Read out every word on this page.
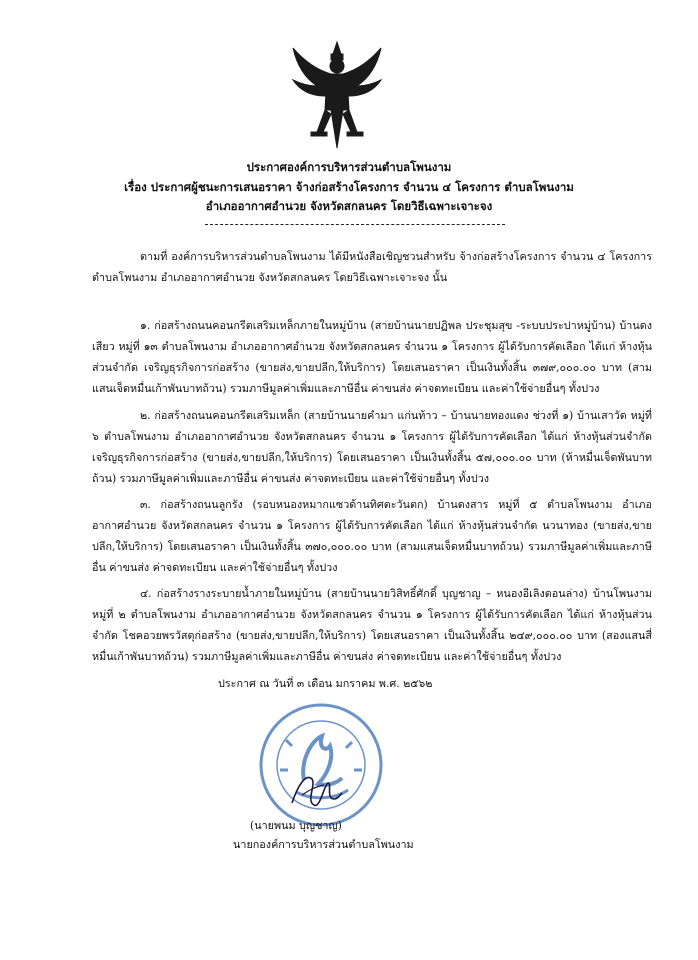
ประกาศองค์การบริหารส่วนตำบลโพนงาม
เรื่อง ประกาศผู้ชนะการเสนอราคา จ้างก่อสร้างโครงการ จำนวน ๔ โครงการ ตำบลโพนงาม
อำเภออากาศอำนวย จังหวัดสกลนคร โดยวิธีเฉพาะเจาะจง
ตามที่ องค์การบริหารส่วนตำบลโพนงาม ได้มีหนังสือเชิญชวนสำหรับ จ้างก่อสร้างโครงการ จำนวน ๔ โครงการ ตำบลโพนงาม อำเภออากาศอำนวย จังหวัดสกลนคร โดยวิธีเฉพาะเจาะจง นั้น
๑. ก่อสร้างถนนคอนกรีตเสริมเหล็กภายในหมู่บ้าน (สายบ้านนายปฏิพล ประชุมสุข -ระบบประปาหมู่บ้าน) บ้านดงเสียว หมู่ที่ ๑๓ ตำบลโพนงาม อำเภออากาศอำนวย จังหวัดสกลนคร จำนวน ๑ โครงการ ผู้ได้รับการคัดเลือก ได้แก่ ห้างหุ้นส่วนจำกัด เจริญธุรกิจการก่อสร้าง (ขายส่ง,ขายปลีก,ให้บริการ) โดยเสนอราคา เป็นเงินทั้งสิ้น ๓๗๙,๐๐๐.๐๐ บาท (สามแสนเจ็ดหมื่นเก้าพันบาทถ้วน) รวมภาษีมูลค่าเพิ่มและภาษีอื่น ค่าขนส่ง ค่าจดทะเบียน และค่าใช้จ่ายอื่นๆ ทั้งปวง
๒. ก่อสร้างถนนคอนกรีตเสริมเหล็ก (สายบ้านนายคำมา แก่นท้าว – บ้านนายทองแดง ช่วงที่ ๑) บ้านเสาวัด หมู่ที่ ๖ ตำบลโพนงาม อำเภออากาศอำนวย จังหวัดสกลนคร จำนวน ๑ โครงการ ผู้ได้รับการคัดเลือก ได้แก่ ห้างหุ้นส่วนจำกัด เจริญธุรกิจการก่อสร้าง (ขายส่ง,ขายปลีก,ให้บริการ) โดยเสนอราคา เป็นเงินทั้งสิ้น ๕๗,๐๐๐.๐๐ บาท (ห้าหมื่นเจ็ดพันบาทถ้วน) รวมภาษีมูลค่าเพิ่มและภาษีอื่น ค่าขนส่ง ค่าจดทะเบียน และค่าใช้จ่ายอื่นๆ ทั้งปวง
๓. ก่อสร้างถนนลูกรัง (รอบหนองหมากแซวด้านทิศตะวันตก) บ้านดงสาร หมู่ที่ ๕ ตำบลโพนงาม อำเภออากาศอำนวย จังหวัดสกลนคร จำนวน ๑ โครงการ ผู้ได้รับการคัดเลือก ได้แก่ ห้างหุ้นส่วนจำกัด นวนาทอง (ขายส่ง,ขายปลีก,ให้บริการ) โดยเสนอราคา เป็นเงินทั้งสิ้น ๓๗๐,๐๐๐.๐๐ บาท (สามแสนเจ็ดหมื่นบาทถ้วน) รวมภาษีมูลค่าเพิ่มและภาษีอื่น ค่าขนส่ง ค่าจดทะเบียน และค่าใช้จ่ายอื่นๆ ทั้งปวง
๔. ก่อสร้างรางระบายน้ำภายในหมู่บ้าน (สายบ้านนายวิสิทธิ์ศักดิ์ บุญชาญ – หนองอีเลิงตอนล่าง) บ้านโพนงาม หมู่ที่ ๒ ตำบลโพนงาม อำเภออากาศอำนวย จังหวัดสกลนคร จำนวน ๑ โครงการ ผู้ได้รับการคัดเลือก ได้แก่ ห้างหุ้นส่วนจำกัด โชคอวยพรวัสดุก่อสร้าง (ขายส่ง,ขายปลีก,ให้บริการ) โดยเสนอราคา เป็นเงินทั้งสิ้น ๒๔๙,๐๐๐.๐๐ บาท (สองแสนสี่หมื่นเก้าพันบาทถ้วน) รวมภาษีมูลค่าเพิ่มและภาษีอื่น ค่าขนส่ง ค่าจดทะเบียน และค่าใช้จ่ายอื่นๆ ทั้งปวง
ประกาศ ณ วันที่ ๓ เดือน มกราคม พ.ศ. ๒๕๖๒
(นายพนม บุญชาญ)
นายกองค์การบริหารส่วนตำบลโพนงาม
